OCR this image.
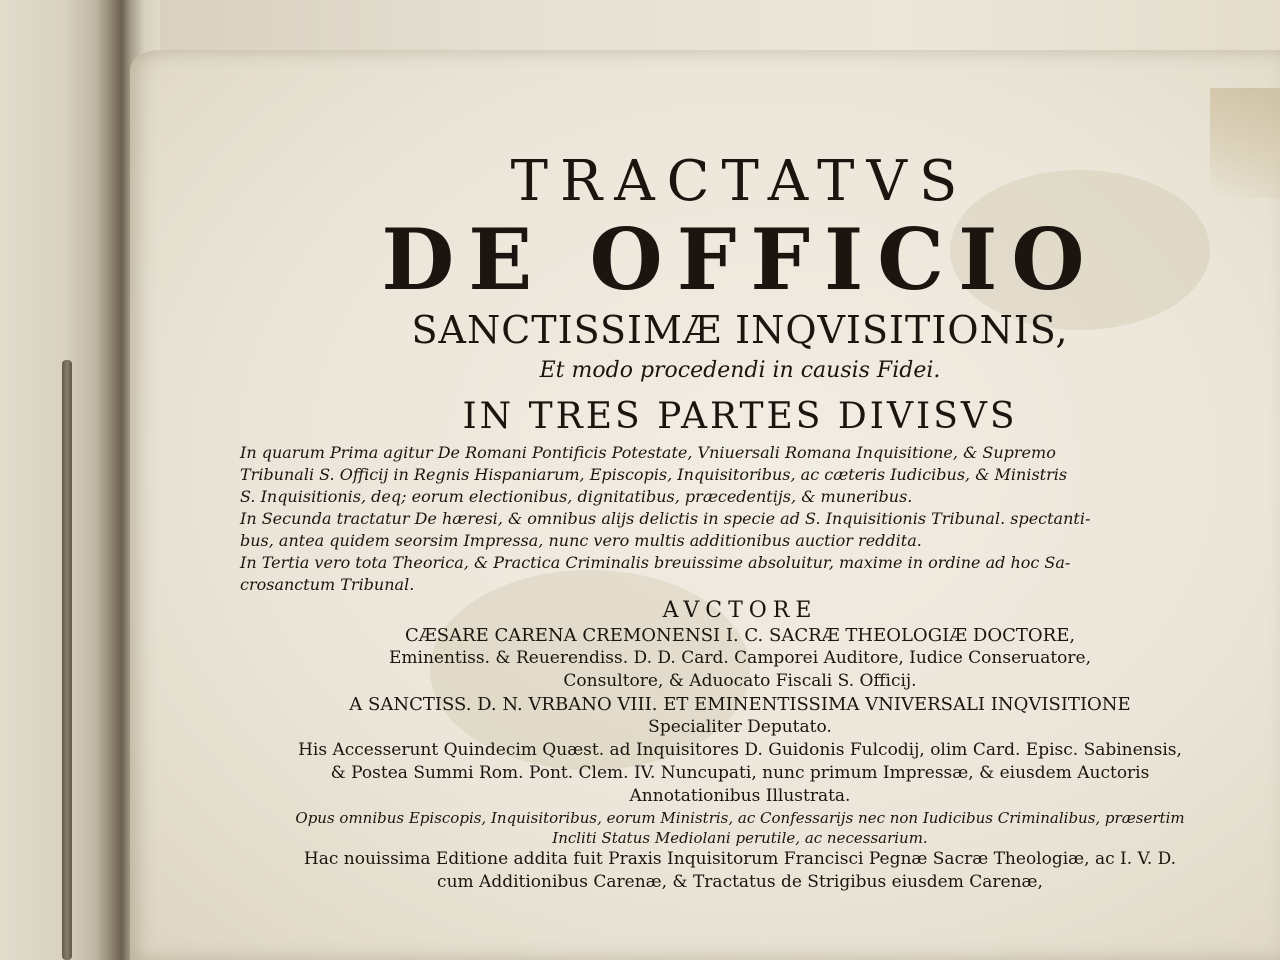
TRACTATVS
DE OFFICIO
SANCTISSIMÆ INQVISITIONIS,
Et modo procedendi in causis Fidei.
IN TRES PARTES DIVISVS
In quarum Prima agitur De Romani Pontificis Potestate, Vniuersali Romana Inquisitione, & Supremo
Tribunali S. Officij in Regnis Hispaniarum, Episcopis, Inquisitoribus, ac cæteris Iudicibus, & Ministris
S. Inquisitionis, deq; eorum electionibus, dignitatibus, præcedentijs, & muneribus.
In Secunda tractatur De hæresi, & omnibus alijs delictis in specie ad S. Inquisitionis Tribunal. spectanti-
bus, antea quidem seorsim Impressa, nunc vero multis additionibus auctior reddita.
In Tertia vero tota Theorica, & Practica Criminalis breuissime absoluitur, maxime in ordine ad hoc Sa-
crosanctum Tribunal.
AVCTORE
CÆSARE CARENA CREMONENSI I. C. SACRÆ THEOLOGIÆ DOCTORE,
Eminentiss. & Reuerendiss. D. D. Card. Camporei Auditore, Iudice Conseruatore,
Consultore, & Aduocato Fiscali S. Officij.
A SANCTISS. D. N. VRBANO VIII. ET EMINENTISSIMA VNIVERSALI INQVISITIONE
Specialiter Deputato.
His Accesserunt Quindecim Quæst. ad Inquisitores D. Guidonis Fulcodij, olim Card. Episc. Sabinensis,
& Postea Summi Rom. Pont. Clem. IV. Nuncupati, nunc primum Impressæ, & eiusdem Auctoris
Annotationibus Illustrata.
Opus omnibus Episcopis, Inquisitoribus, eorum Ministris, ac Confessarijs nec non Iudicibus Criminalibus, præsertim
Incliti Status Mediolani perutile, ac necessarium.
Hac nouissima Editione addita fuit Praxis Inquisitorum Francisci Pegnæ Sacræ Theologiæ, ac I. V. D.
cum Additionibus Carenæ, & Tractatus de Strigibus eiusdem Carenæ,
